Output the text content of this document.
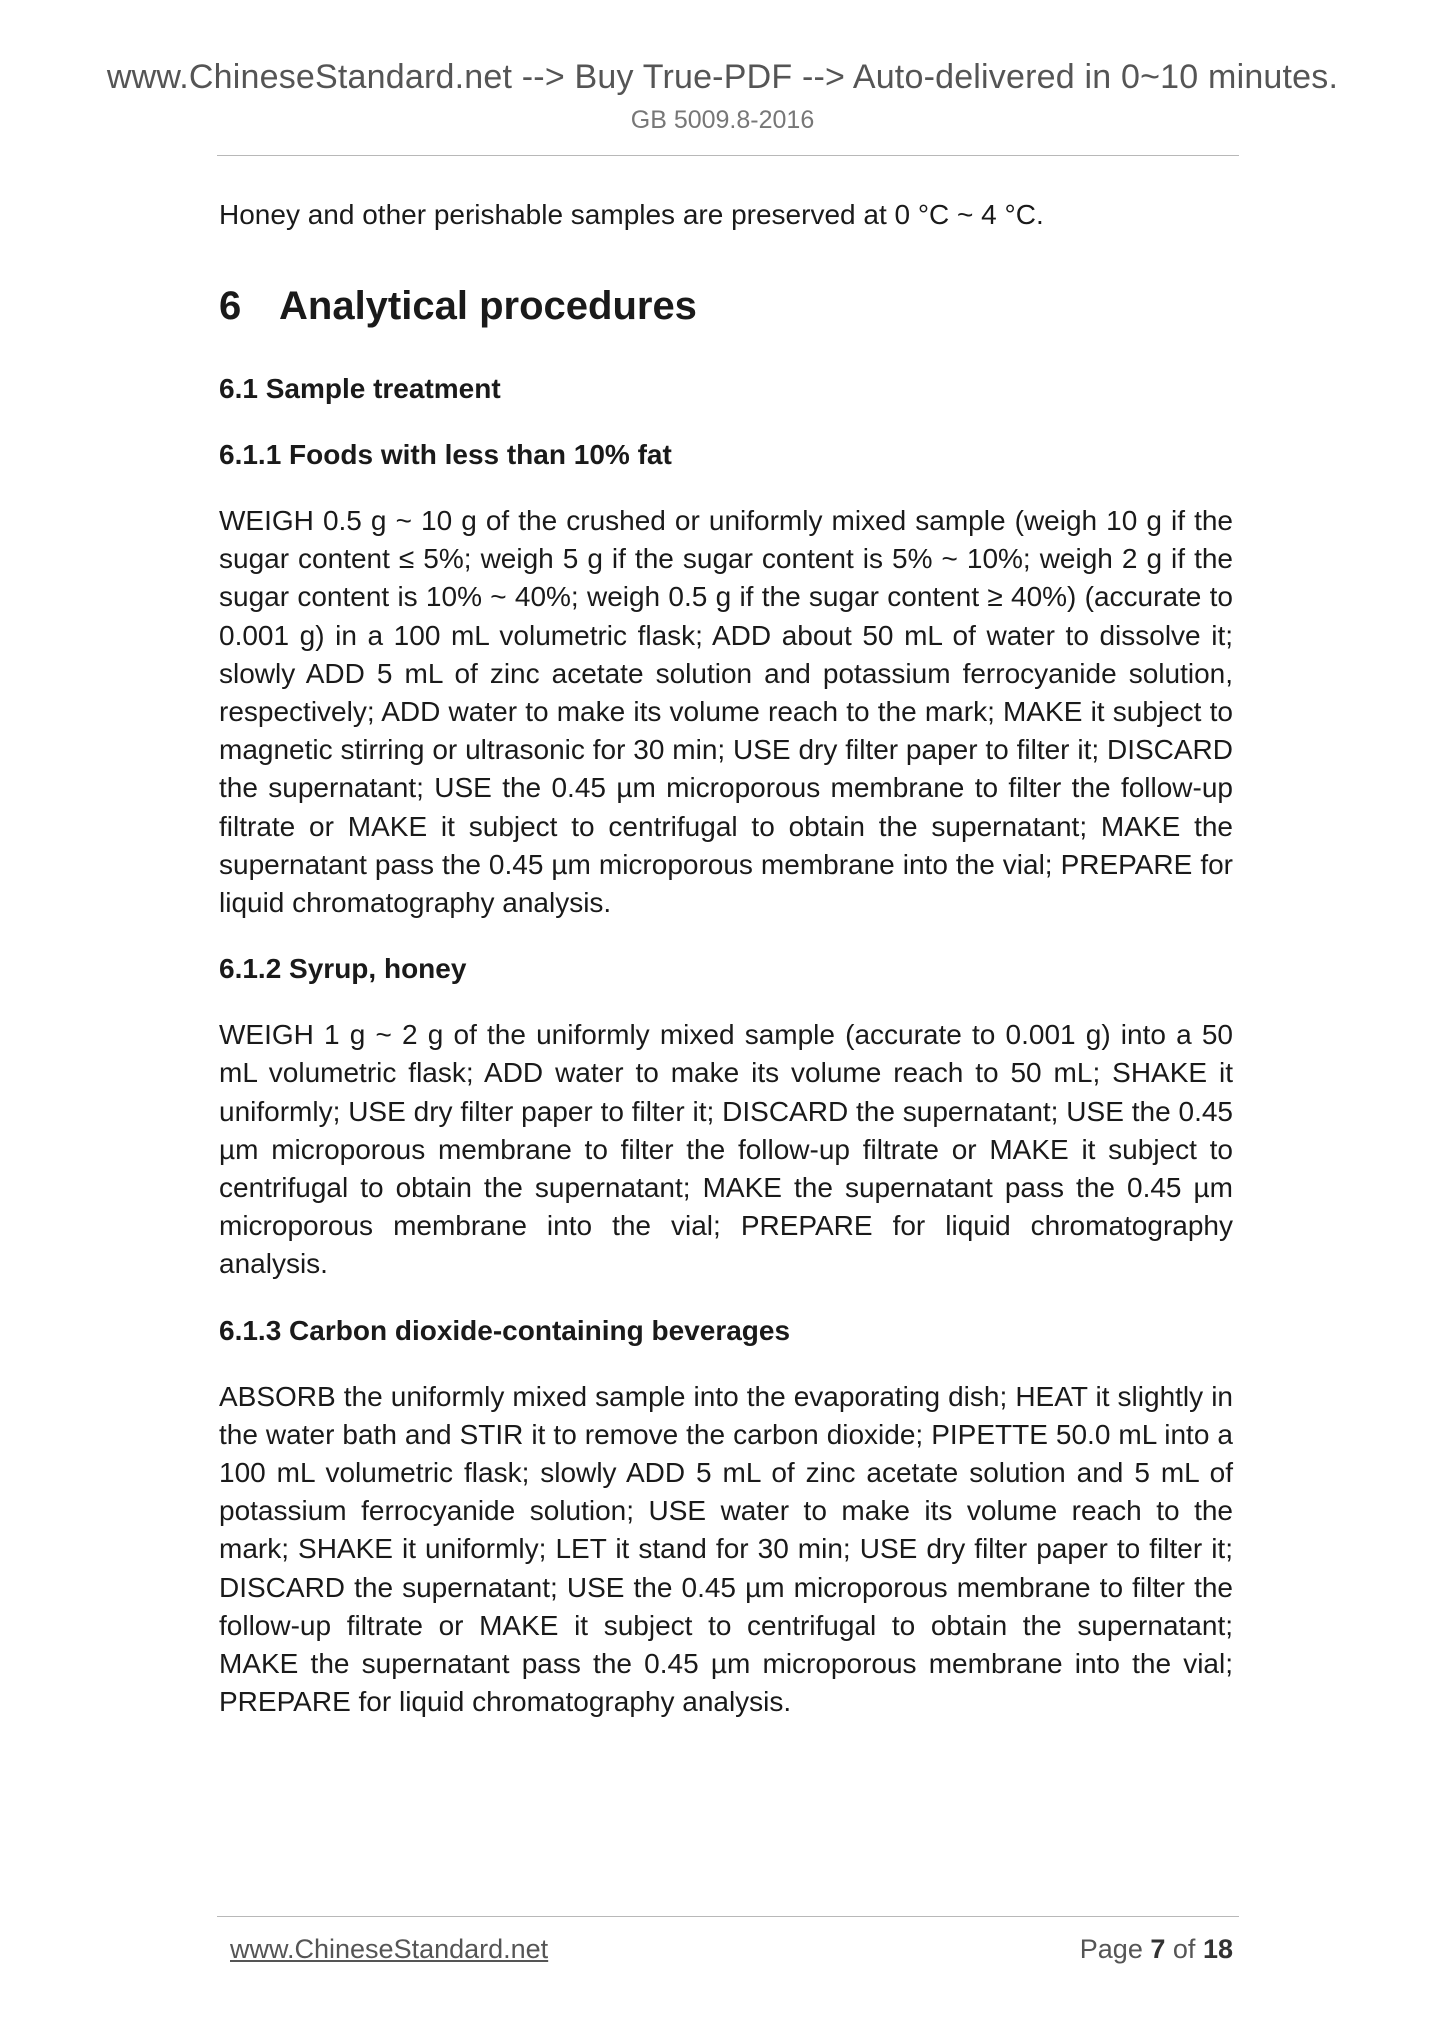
www.ChineseStandard.net --> Buy True-PDF --> Auto-delivered in 0~10 minutes.
GB 5009.8-2016

Honey and other perishable samples are preserved at 0 °C ~ 4 °C.

6 Analytical procedures
6.1 Sample treatment
6.1.1 Foods with less than 10% fat

WEIGH 0.5 g ~ 10 g of the crushed or uniformly mixed sample (weigh 10 g if the sugar content ≤ 5%; weigh 5 g if the sugar content is 5% ~ 10%; weigh 2 g if the sugar content is 10% ~ 40%; weigh 0.5 g if the sugar content ≥ 40%) (accurate to 0.001 g) in a 100 mL volumetric flask; ADD about 50 mL of water to dissolve it; slowly ADD 5 mL of zinc acetate solution and potassium ferrocyanide solution, respectively; ADD water to make its volume reach to the mark; MAKE it subject to magnetic stirring or ultrasonic for 30 min; USE dry filter paper to filter it; DISCARD the supernatant; USE the 0.45 µm microporous membrane to filter the follow-up filtrate or MAKE it subject to centrifugal to obtain the supernatant; MAKE the supernatant pass the 0.45 µm microporous membrane into the vial; PREPARE for liquid chromatography analysis.

6.1.2 Syrup, honey

WEIGH 1 g ~ 2 g of the uniformly mixed sample (accurate to 0.001 g) into a 50 mL volumetric flask; ADD water to make its volume reach to 50 mL; SHAKE it uniformly; USE dry filter paper to filter it; DISCARD the supernatant; USE the 0.45 µm microporous membrane to filter the follow-up filtrate or MAKE it subject to centrifugal to obtain the supernatant; MAKE the supernatant pass the 0.45 µm microporous membrane into the vial; PREPARE for liquid chromatography analysis.

6.1.3 Carbon dioxide-containing beverages

ABSORB the uniformly mixed sample into the evaporating dish; HEAT it slightly in the water bath and STIR it to remove the carbon dioxide; PIPETTE 50.0 mL into a 100 mL volumetric flask; slowly ADD 5 mL of zinc acetate solution and 5 mL of potassium ferrocyanide solution; USE water to make its volume reach to the mark; SHAKE it uniformly; LET it stand for 30 min; USE dry filter paper to filter it; DISCARD the supernatant; USE the 0.45 µm microporous membrane to filter the follow-up filtrate or MAKE it subject to centrifugal to obtain the supernatant; MAKE the supernatant pass the 0.45 µm microporous membrane into the vial; PREPARE for liquid chromatography analysis.

www.ChineseStandard.net	Page 7 of 18
